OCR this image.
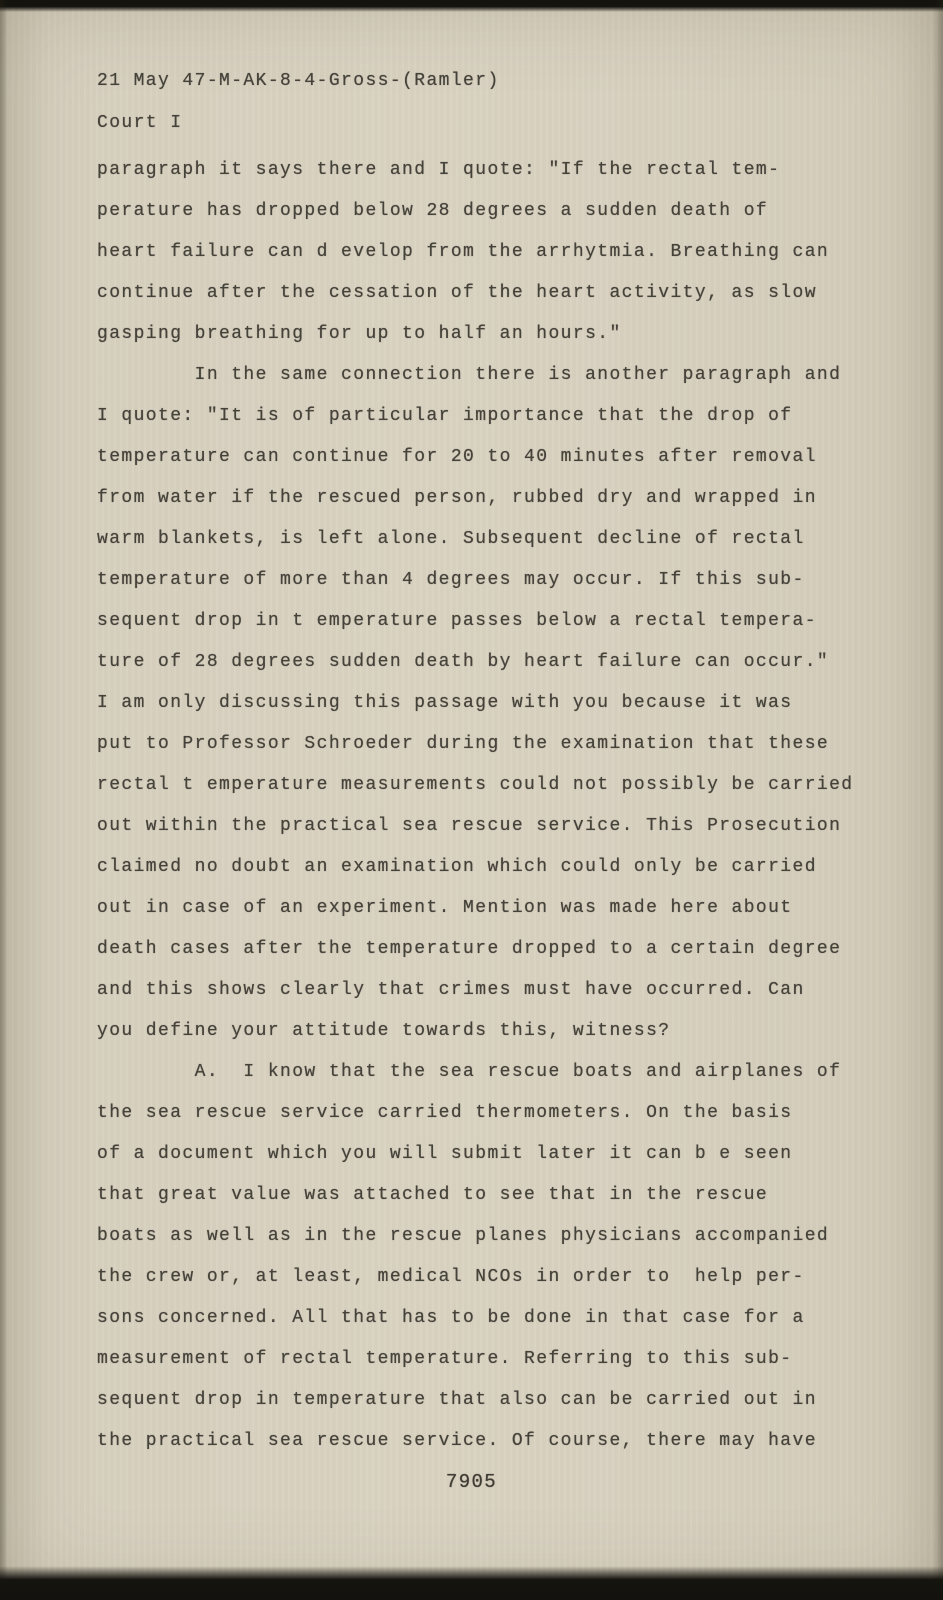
21 May 47-M-AK-8-4-Gross-(Ramler)
Court I
paragraph it says there and I quote: "If the rectal tem-
perature has dropped below 28 degrees a sudden death of
heart failure can d evelop from the arrhytmia. Breathing can
continue after the cessation of the heart activity, as slow
gasping breathing for up to half an hours."
In the same connection there is another paragraph and
I quote: "It is of particular importance that the drop of
temperature can continue for 20 to 40 minutes after removal
from water if the rescued person, rubbed dry and wrapped in
warm blankets, is left alone. Subsequent decline of rectal
temperature of more than 4 degrees may occur. If this sub-
sequent drop in t emperature passes below a rectal tempera-
ture of 28 degrees sudden death by heart failure can occur."
I am only discussing this passage with you because it was
put to Professor Schroeder during the examination that these
rectal t emperature measurements could not possibly be carried
out within the practical sea rescue service. This Prosecution
claimed no doubt an examination which could only be carried
out in case of an experiment. Mention was made here about
death cases after the temperature dropped to a certain degree
and this shows clearly that crimes must have occurred. Can
you define your attitude towards this, witness?
A.  I know that the sea rescue boats and airplanes of
the sea rescue service carried thermometers. On the basis
of a document which you will submit later it can b e seen
that great value was attached to see that in the rescue
boats as well as in the rescue planes physicians accompanied
the crew or, at least, medical NCOs in order to  help per-
sons concerned. All that has to be done in that case for a
measurement of rectal temperature. Referring to this sub-
sequent drop in temperature that also can be carried out in
the practical sea rescue service. Of course, there may have
7905
